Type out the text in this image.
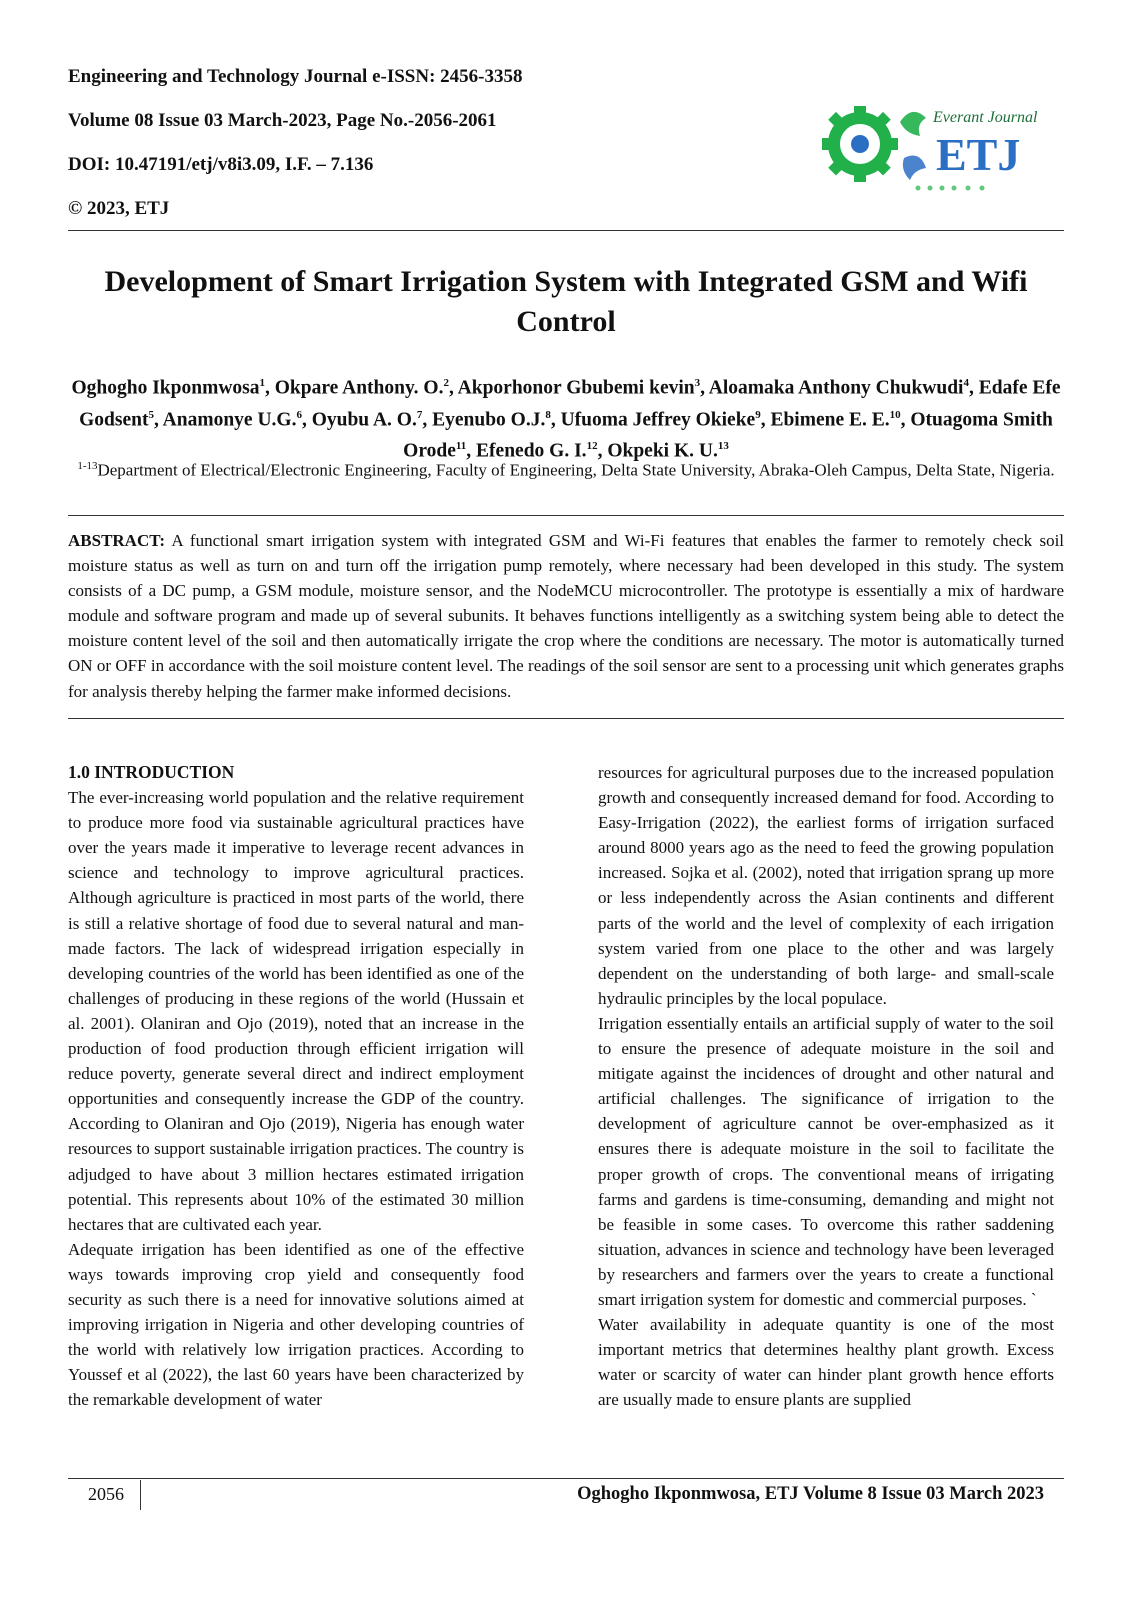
Engineering and Technology Journal e-ISSN: 2456-3358
Volume 08 Issue 03 March-2023, Page No.-2056-2061
DOI: 10.47191/etj/v8i3.09, I.F. – 7.136
© 2023, ETJ
Everant Journal
ETJ
Development of Smart Irrigation System with Integrated GSM and Wifi Control
Oghogho Ikponmwosa$^1$, Okpare Anthony. O.$^2$, Akporhonor Gbubemi kevin$^3$, Aloamaka Anthony Chukwudi$^4$, Edafe Efe Godsent$^5$, Anamonye U.G.$^6$, Oyubu A. O.$^7$, Eyenubo O.J.$^8$, Ufuoma Jeffrey Okieke$^9$, Ebimene E. E.$^{10}$, Otuagoma Smith Orode$^{11}$, Efenedo G. I.$^{12}$, Okpeki K. U.$^{13}$
$^{1-13}$Department of Electrical/Electronic Engineering, Faculty of Engineering, Delta State University, Abraka-Oleh Campus, Delta State, Nigeria.
ABSTRACT: A functional smart irrigation system with integrated GSM and Wi-Fi features that enables the farmer to remotely check soil moisture status as well as turn on and turn off the irrigation pump remotely, where necessary had been developed in this study. The system consists of a DC pump, a GSM module, moisture sensor, and the NodeMCU microcontroller. The prototype is essentially a mix of hardware module and software program and made up of several subunits. It behaves functions intelligently as a switching system being able to detect the moisture content level of the soil and then automatically irrigate the crop where the conditions are necessary. The motor is automatically turned ON or OFF in accordance with the soil moisture content level. The readings of the soil sensor are sent to a processing unit which generates graphs for analysis thereby helping the farmer make informed decisions.
1.0 INTRODUCTION

The ever-increasing world population and the relative requirement to produce more food via sustainable agricultural practices have over the years made it imperative to leverage recent advances in science and technology to improve agricultural practices. Although agriculture is practiced in most parts of the world, there is still a relative shortage of food due to several natural and man-made factors. The lack of widespread irrigation especially in developing countries of the world has been identified as one of the challenges of producing in these regions of the world (Hussain et al. 2001). Olaniran and Ojo (2019), noted that an increase in the production of food production through efficient irrigation will reduce poverty, generate several direct and indirect employment opportunities and consequently increase the GDP of the country. According to Olaniran and Ojo (2019), Nigeria has enough water resources to support sustainable irrigation practices. The country is adjudged to have about 3 million hectares estimated irrigation potential. This represents about 10% of the estimated 30 million hectares that are cultivated each year.

Adequate irrigation has been identified as one of the effective ways towards improving crop yield and consequently food security as such there is a need for innovative solutions aimed at improving irrigation in Nigeria and other developing countries of the world with relatively low irrigation practices. According to Youssef et al (2022), the last 60 years have been characterized by the remarkable development of water

resources for agricultural purposes due to the increased population growth and consequently increased demand for food. According to Easy-Irrigation (2022), the earliest forms of irrigation surfaced around 8000 years ago as the need to feed the growing population increased. Sojka et al. (2002), noted that irrigation sprang up more or less independently across the Asian continents and different parts of the world and the level of complexity of each irrigation system varied from one place to the other and was largely dependent on the understanding of both large- and small-scale hydraulic principles by the local populace.

Irrigation essentially entails an artificial supply of water to the soil to ensure the presence of adequate moisture in the soil and mitigate against the incidences of drought and other natural and artificial challenges. The significance of irrigation to the development of agriculture cannot be over-emphasized as it ensures there is adequate moisture in the soil to facilitate the proper growth of crops. The conventional means of irrigating farms and gardens is time-consuming, demanding and might not be feasible in some cases. To overcome this rather saddening situation, advances in science and technology have been leveraged by researchers and farmers over the years to create a functional smart irrigation system for domestic and commercial purposes. `

Water availability in adequate quantity is one of the most important metrics that determines healthy plant growth. Excess water or scarcity of water can hinder plant growth hence efforts are usually made to ensure plants are supplied

2056	Oghogho Ikponmwosa, ETJ Volume 8 Issue 03 March 2023
